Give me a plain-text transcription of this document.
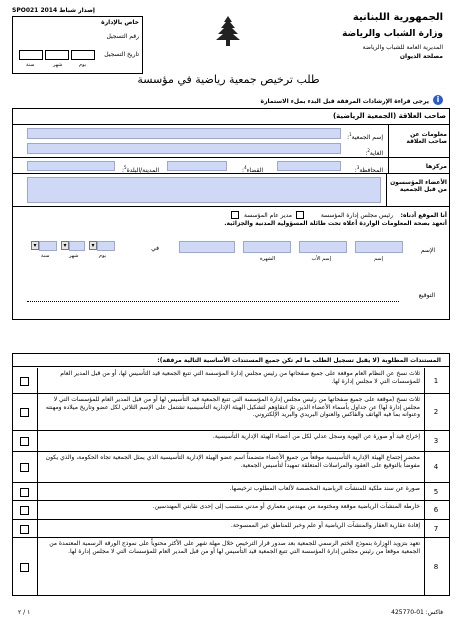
SPO021 إصدار شباط 2014
خاص بالإدارة
رقم التسجيل
تاريخ التسجيل
سنة	شهر	يوم
الجمهورية اللبنانية
وزارة الشباب والرياضة
المديرية العامة للشباب والرياضة
مصلحة الديوان
طلب ترخيص جمعية رياضية في مؤسسة
يرجى قراءة الإرشادات المرفقة قبل البدء بملء الاستمارة i
صاحب العلاقة (الجمعية الرياضية)
معلومات عن صاحب العلاقة
إسم الجمعية$^1$:
الغاية$^2$:
مركزها
المحافظة$^3$:
القضاء$^4$:
المدينة/البلدة$^5$:
الأعضاء المؤسسون من قبل الجمعية
أنا الموقع أدناه:
رئيس مجلس إدارة المؤسسة
مدير عام المؤسسة
أتعهد بصحة المعلومات الواردة أعلاه تحت طائلة المسؤولية المدنية والجزائية.
الإسم
إسم
إسم الأب
الشهرة
في
▾
▾
▾
يوم
شهر
سنة
التوقيع
المستندات المطلوبة (لا يقبل تسجيل الطلب ما لم تكن جميع المستندات الأساسية التالية مرفقة):
1
ثلاث نسخ عن النظام العام موقعة على جميع صفحاتها من رئيس مجلس إدارة المؤسسة التي تتبع الجمعية قيد التأسيس لها، أو من قبل المدير العام للمؤسسات التي لا مجلس إدارة لها.
2
ثلاث نسخ (موقعة على جميع صفحاتها من رئيس مجلس إدارة المؤسسة التي تتبع الجمعية قيد التأسيس لها أو من قبل المدير العام للمؤسسات التي لا مجلس إدارة لها) عن جداول بأسماء الأعضاء الذين تمّ انتقاؤهم لتشكيل الهيئة الإدارية التأسيسية تشتمل على الإسم الثلاثي لكل عضو وتاريخ ميلاده ومهنته وعنوانه بما فيه الهاتف والفاكس والعنوان البريدي والبريد الإلكتروني.
3
إخراج قيد أو صورة عن الهوية وسجل عدلي لكل من أعضاء الهيئة الإدارية التأسيسية.
4
محضر إجتماع الهيئة الإدارية التأسيسية موقعاً من جميع الأعضاء متضمناً اسم عضو الهيئة الإدارية التأسيسية الذي يمثل الجمعية تجاه الحكومة، والذي يكون مفوضاً بالتوقيع على العقود والمراسلات المتعلقة تمهيداً لتأسيس الجمعية.
5
صورة عن سند ملكية للمنشآت الرياضية المخصصة لألعاب المطلوب ترخيصها.
6
خارطة المنشآت الرياضية موقعة ومختومة من مهندس معماري أو مدني منتسب إلى إحدى نقابتي المهندسين.
7
إفادة عقارية العقار والمنشآت الرياضية أو علم وخبر للمناطق غير الممسوحة.
8
تعهد بتزويد الوزارة بنموذج الختم الرسمي للجمعية بعد صدور قرار الترخيص خلال مهلة شهر على الأكثر محتوياً على نموذج الورقة الرسمية المعتمدة من الجمعية موقعاً من رئيس مجلس إدارة المؤسسة التي تتبع الجمعية قيد التأسيس لها أو من قبل المدير العام للمؤسسات التي لا مجلس إدارة لها.
١ / ٢	فاكس: 01-425770
